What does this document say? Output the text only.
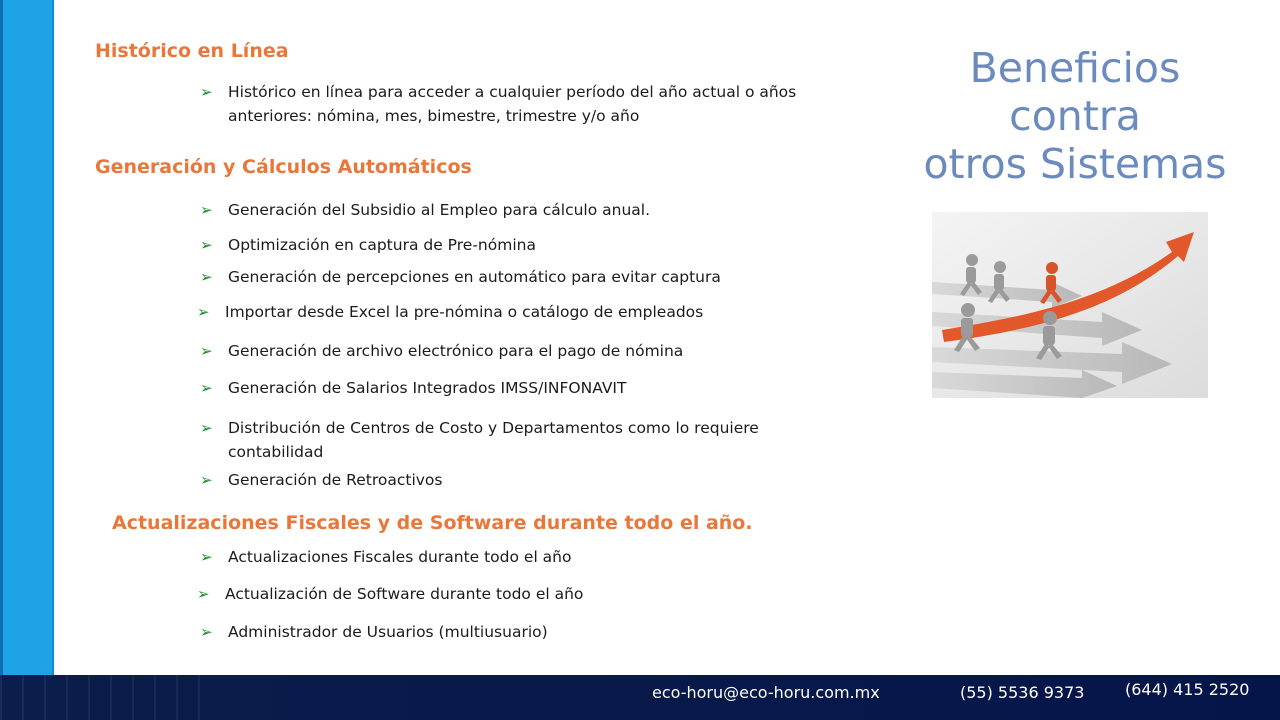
Beneficios contra
otros Sistemas
Histórico en Línea
➢ Histórico en línea para acceder a cualquier período del año actual o años anteriores: nómina, mes, bimestre, trimestre y/o año
Generación y Cálculos Automáticos
➢ Generación del Subsidio al Empleo para cálculo anual.
➢ Optimización en captura de Pre-nómina
➢ Generación de percepciones en automático para evitar captura
➢ Importar desde Excel la pre-nómina o catálogo de empleados
➢ Generación de archivo electrónico para el pago de nómina
➢ Generación de Salarios Integrados IMSS/INFONAVIT
➢ Distribución de Centros de Costo y Departamentos como lo requiere contabilidad
➢ Generación de Retroactivos
Actualizaciones Fiscales y de Software durante todo el año.
➢ Actualizaciones Fiscales durante todo el año
➢ Actualización de Software durante todo el año
➢ Administrador de Usuarios (multiusuario)
eco-horu@eco-horu.com.mx	(55) 5536 9373	(644) 415 2520
